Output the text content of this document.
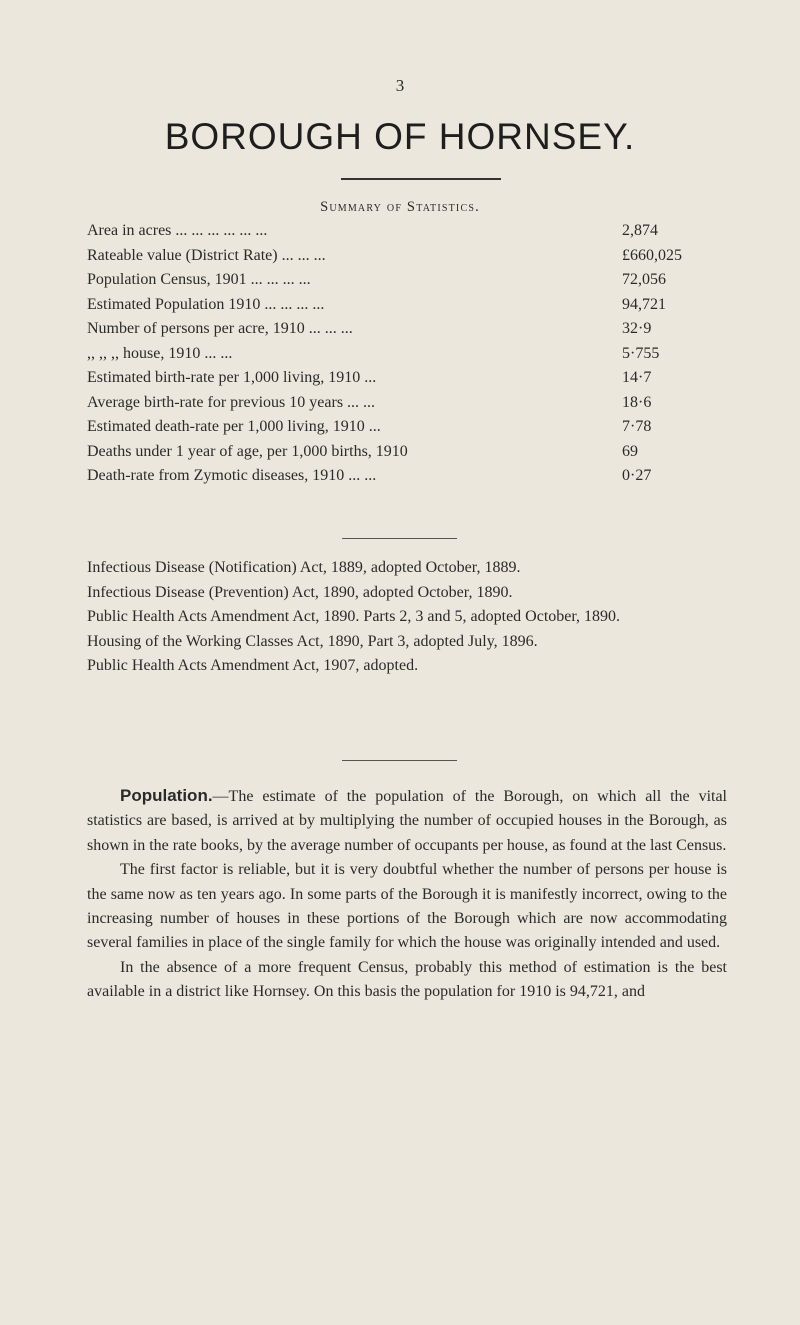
3
BOROUGH OF HORNSEY.
Summary of Statistics.
Area in acres ... ... ... ... ... ...	2,874
Rateable value (District Rate) ... ... ...	£660,025
Population Census, 1901 ... ... ... ...	72,056
Estimated Population 1910 ... ... ... ...	94,721
Number of persons per acre, 1910 ... ... ...	32·9
,, ,, ,, house, 1910 ... ...	5·755
Estimated birth-rate per 1,000 living, 1910 ...	14·7
Average birth-rate for previous 10 years ... ...	18·6
Estimated death-rate per 1,000 living, 1910 ...	7·78
Deaths under 1 year of age, per 1,000 births, 1910	69
Death-rate from Zymotic diseases, 1910 ... ...	0·27
Infectious Disease (Notification) Act, 1889, adopted October, 1889.
Infectious Disease (Prevention) Act, 1890, adopted October, 1890.
Public Health Acts Amendment Act, 1890. Parts 2, 3 and 5, adopted October, 1890.
Housing of the Working Classes Act, 1890, Part 3, adopted July, 1896.
Public Health Acts Amendment Act, 1907, adopted.

Population.—The estimate of the population of the Borough, on which all the vital statistics are based, is arrived at by multiplying the number of occupied houses in the Borough, as shown in the rate books, by the average number of occupants per house, as found at the last Census.

The first factor is reliable, but it is very doubtful whether the number of persons per house is the same now as ten years ago. In some parts of the Borough it is manifestly incorrect, owing to the increasing number of houses in these portions of the Borough which are now accommodating several families in place of the single family for which the house was originally intended and used.

In the absence of a more frequent Census, probably this method of estimation is the best available in a district like Hornsey. On this basis the population for 1910 is 94,721, and
